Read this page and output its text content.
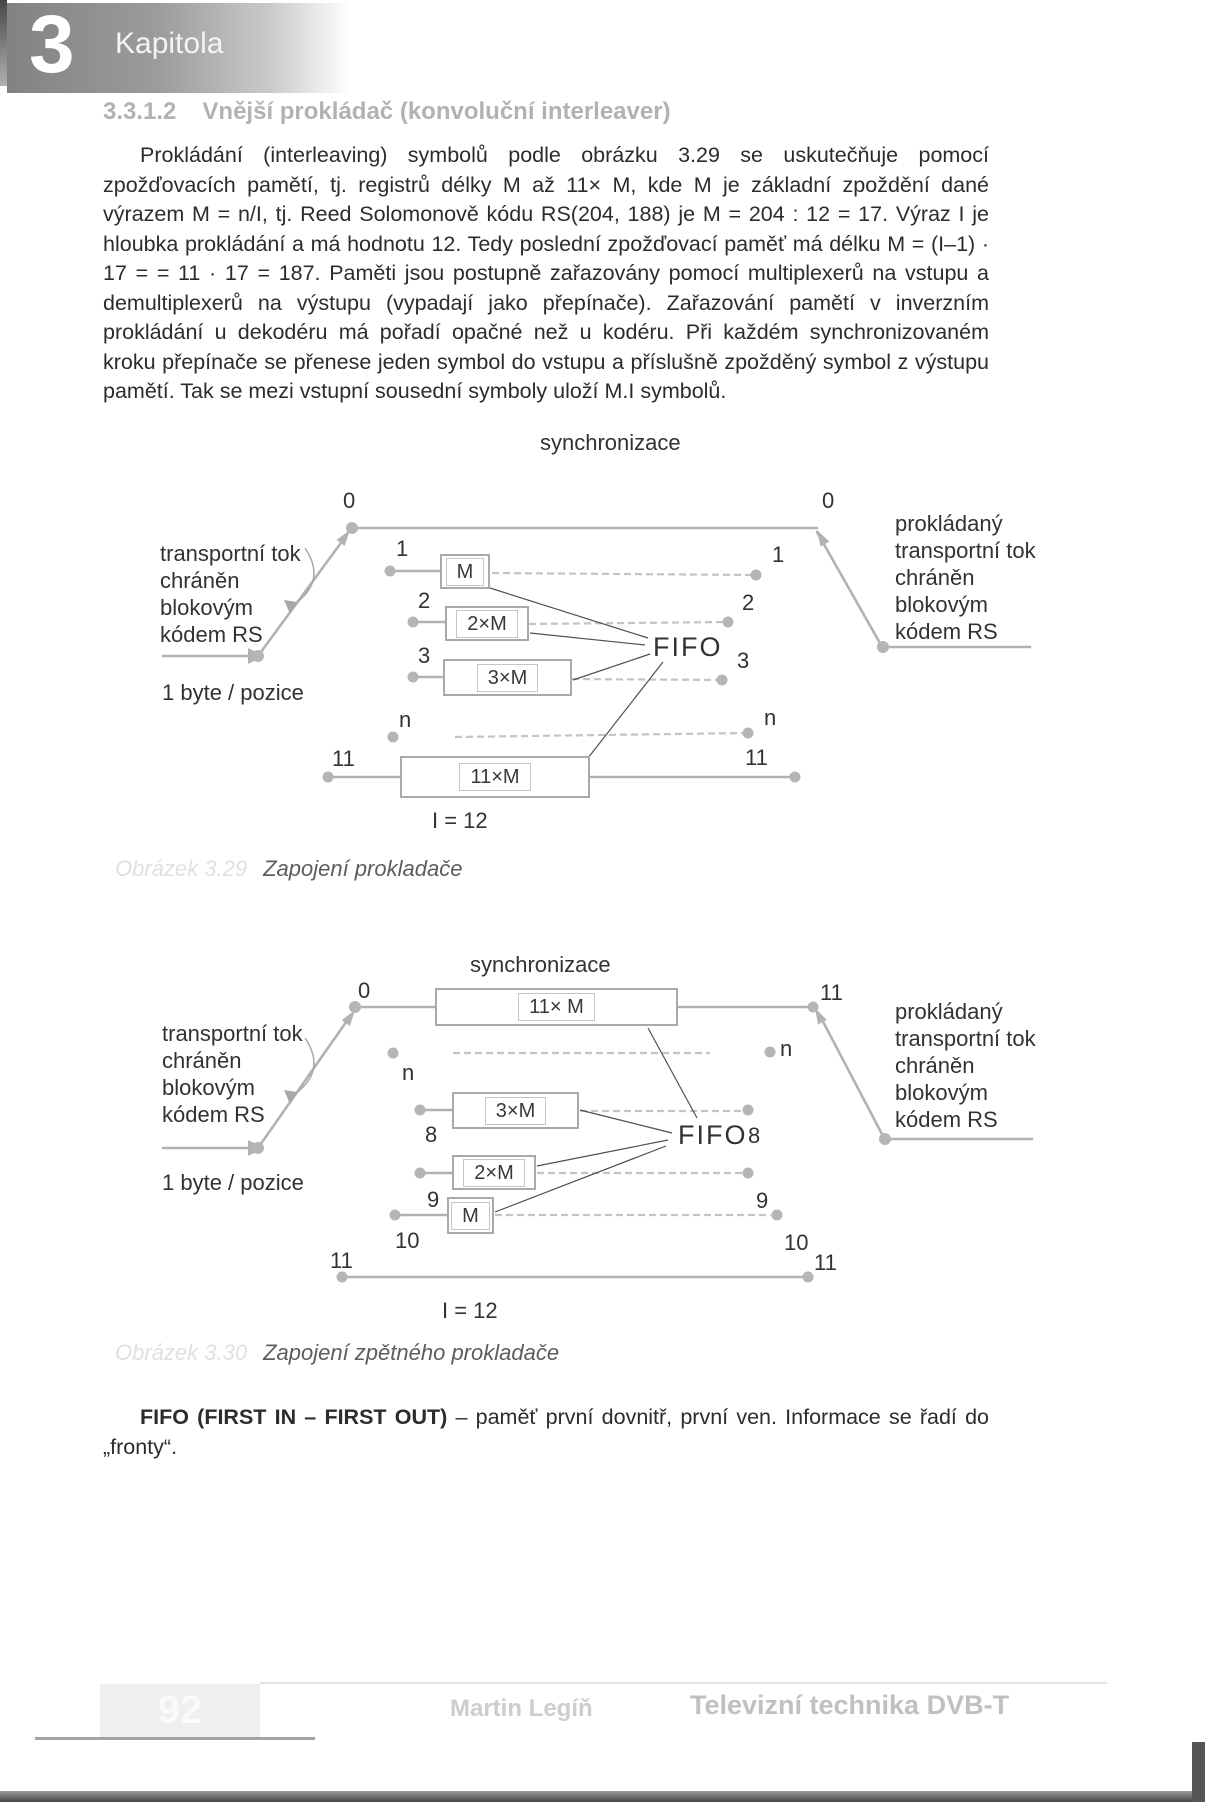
3 Kapitola
3.3.1.2 Vnější prokládač (konvoluční interleaver)

Prokládání (interleaving) symbolů podle obrázku 3.29 se uskutečňuje pomocí zpožďovacích pamětí, tj. registrů délky M až 11× M, kde M je základní zpoždění dané výrazem M = n/I, tj. Reed Solomonově kódu RS(204, 188) je M = 204 : 12 = 17. Výraz I je hloubka prokládání a má hodnotu 12. Tedy poslední zpožďovací paměť má délku M = (I–1) · 17 = = 11 · 17 = 187. Paměti jsou postupně zařazovány pomocí multiplexerů na vstupu a demultiplexerů na výstupu (vypadají jako přepínače). Zařazování pamětí v inverzním prokládání u dekodéru má pořadí opačné než u kodéru. Při každém synchronizovaném kroku přepínače se přenese jeden symbol do vstupu a příslušně zpožděný symbol z výstupu pamětí. Tak se mezi vstupní sousední symboly uloží M.I symbolů.

synchronizace
transportní tok
chráněn
blokovým
kódem RS
1 byte / pozice
prokládaný
transportní tok
chráněn
blokovým
kódem RS
0
1
2
3
n
11
0
1
2
3
n
11
M
2×M
3×M
11×M
FIFO
I = 12
Obrázek 3.29 Zapojení prokladače
synchronizace
transportní tok
chráněn
blokovým
kódem RS
1 byte / pozice
prokládaný
transportní tok
chráněn
blokovým
kódem RS
0
n
8
9
10
11
11
n
8
9
10
11
11× M
3×M
2×M
M
FIFO
I = 12
Obrázek 3.30 Zapojení zpětného prokladače

FIFO (FIRST IN – FIRST OUT) – paměť první dovnitř, první ven. Informace se řadí do „fronty“.

92	Martin Legíň	Televizní technika DVB-T
